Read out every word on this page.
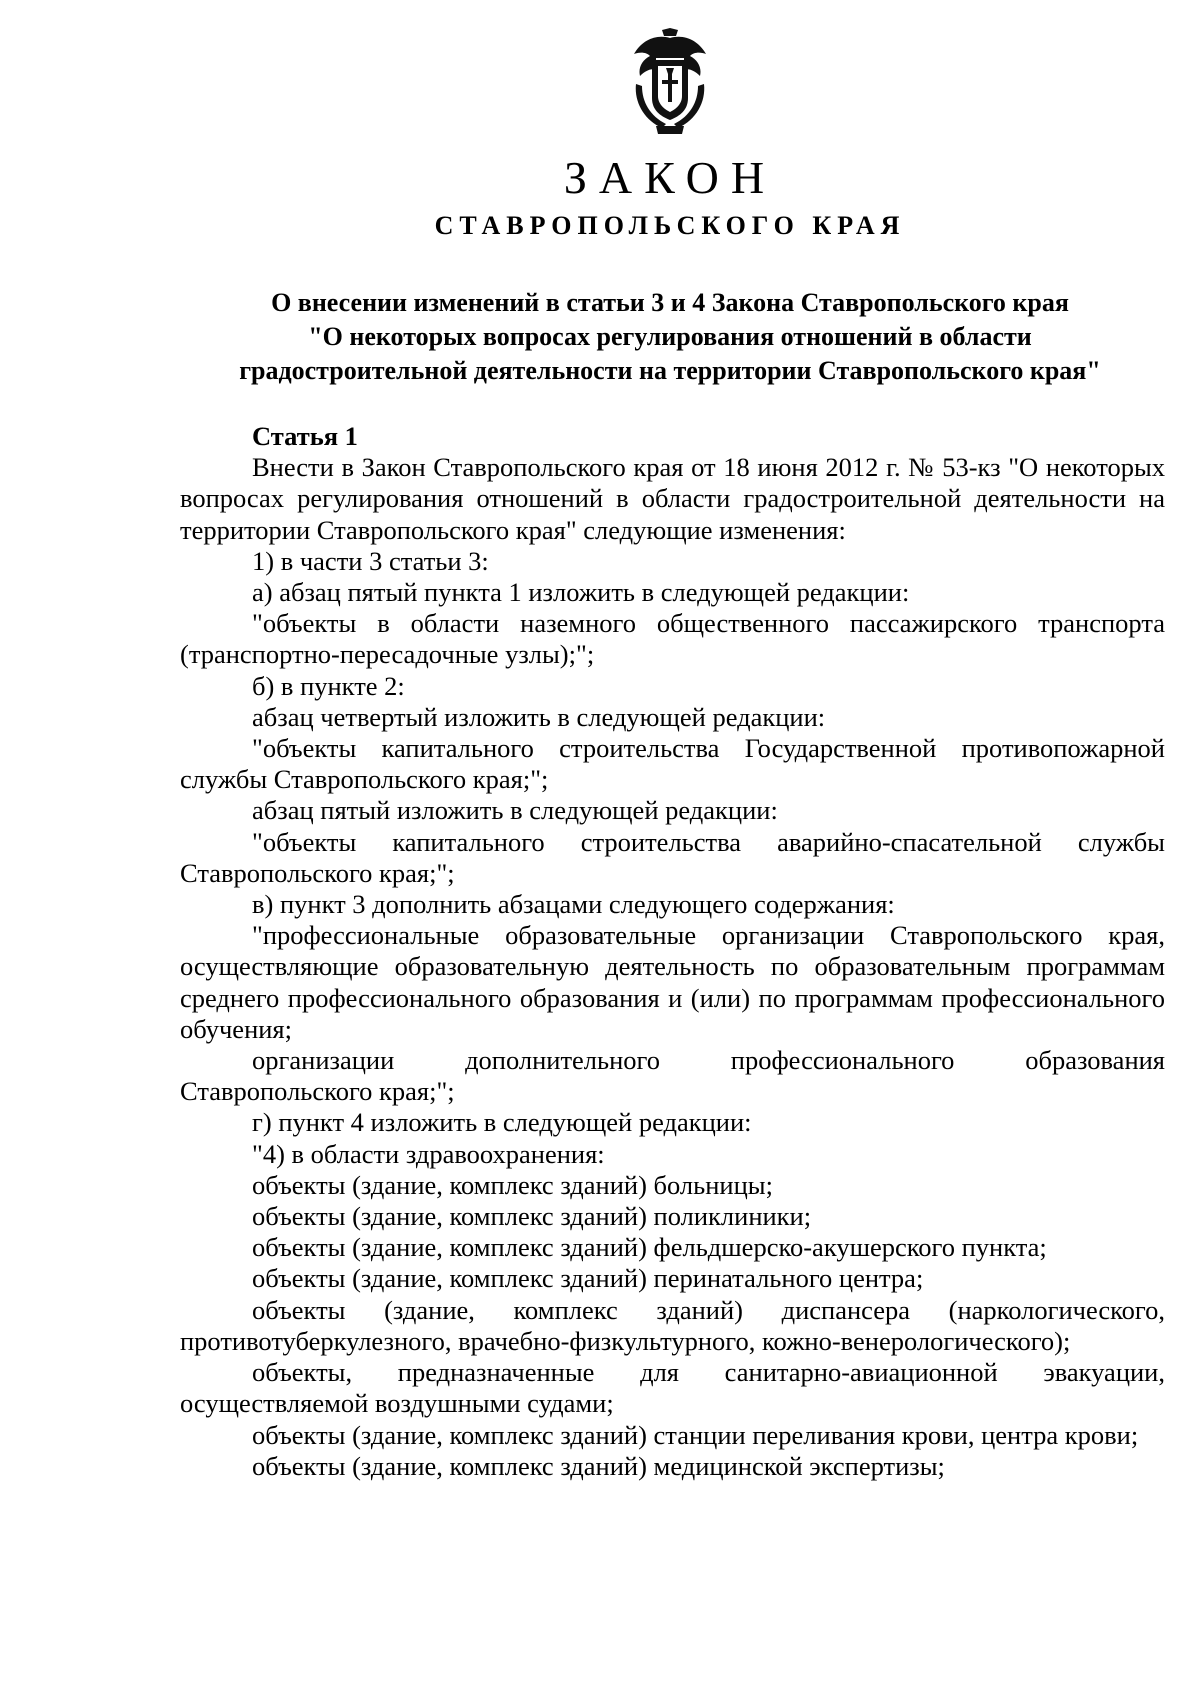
ЗАКОН
СТАВРОПОЛЬСКОГО КРАЯ
О внесении изменений в статьи 3 и 4 Закона Ставропольского края
"О некоторых вопросах регулирования отношений в области
градостроительной деятельности на территории Ставропольского края"
Статья 1

Внести в Закон Ставропольского края от 18 июня 2012 г. № 53-кз "О некоторых вопросах регулирования отношений в области градостроительной деятельности на территории Ставропольского края" следующие изменения:

1) в части 3 статьи 3:

а) абзац пятый пункта 1 изложить в следующей редакции:

"объекты в области наземного общественного пассажирского транспорта (транспортно-пересадочные узлы);";

б) в пункте 2:

абзац четвертый изложить в следующей редакции:

"объекты капитального строительства Государственной противопожарной службы Ставропольского края;";

абзац пятый изложить в следующей редакции:

"объекты капитального строительства аварийно-спасательной службы Ставропольского края;";

в) пункт 3 дополнить абзацами следующего содержания:

"профессиональные образовательные организации Ставропольского края, осуществляющие образовательную деятельность по образовательным программам среднего профессионального образования и (или) по программам профессионального обучения;

организации дополнительного профессионального образования Ставропольского края;";

г) пункт 4 изложить в следующей редакции:

"4) в области здравоохранения:

объекты (здание, комплекс зданий) больницы;

объекты (здание, комплекс зданий) поликлиники;

объекты (здание, комплекс зданий) фельдшерско-акушерского пункта;

объекты (здание, комплекс зданий) перинатального центра;

объекты (здание, комплекс зданий) диспансера (наркологического, противотуберкулезного, врачебно-физкультурного, кожно-венерологического);

объекты, предназначенные для санитарно-авиационной эвакуации, осуществляемой воздушными судами;

объекты (здание, комплекс зданий) станции переливания крови, центра крови;

объекты (здание, комплекс зданий) медицинской экспертизы;
